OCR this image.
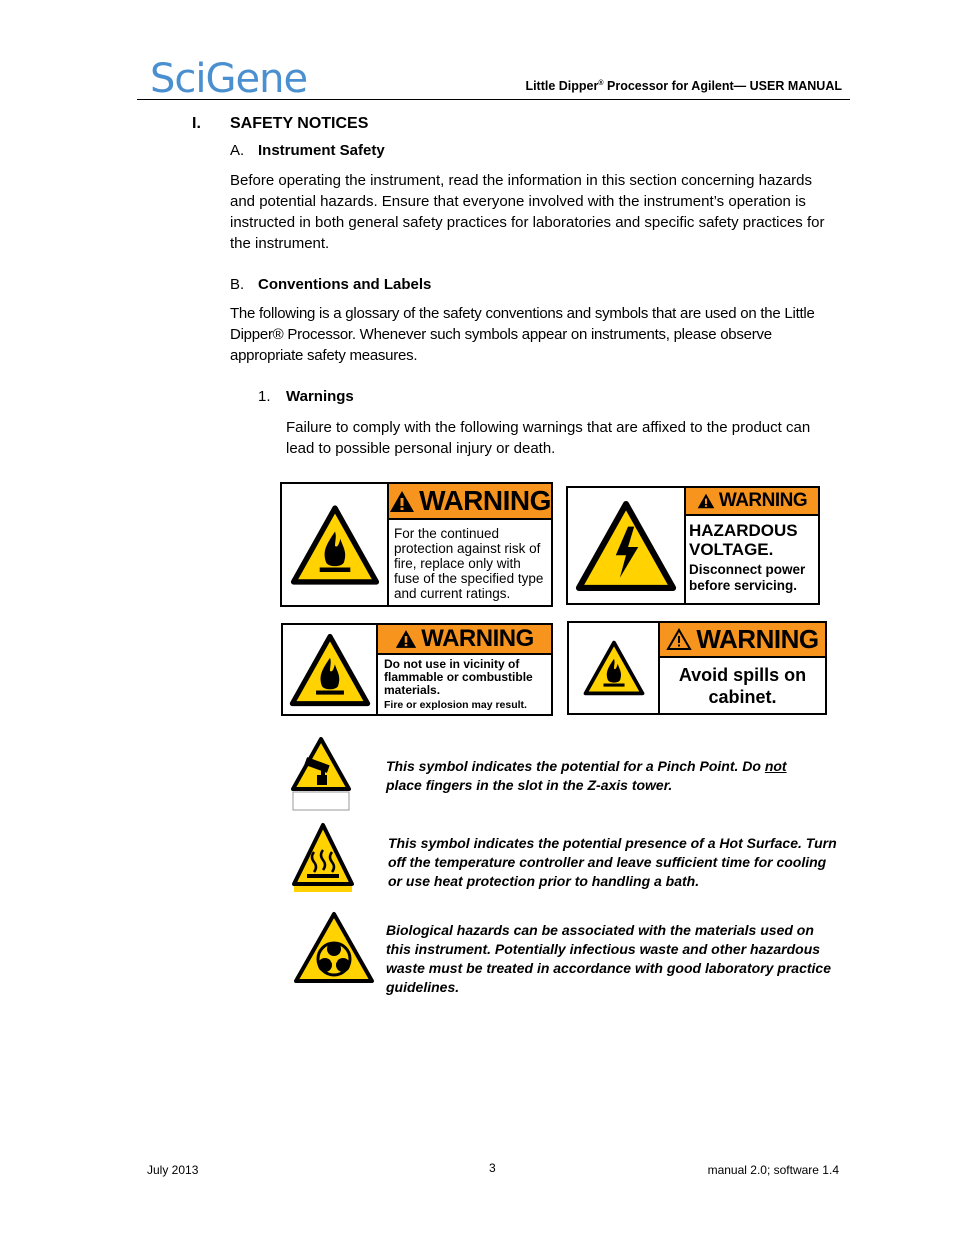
SciGene	Little Dipper® Processor for Agilent— USER MANUAL
I. SAFETY NOTICES
A. Instrument Safety
Before operating the instrument, read the information in this section concerning hazards and potential hazards. Ensure that everyone involved with the instrument’s operation is instructed in both general safety practices for laboratories and specific safety practices for the instrument.
B. Conventions and Labels
The following is a glossary of the safety conventions and symbols that are used on the Little Dipper® Processor. Whenever such symbols appear on instruments, please observe appropriate safety measures.
1. Warnings
Failure to comply with the following warnings that are affixed to the product can lead to possible personal injury or death.
WARNING
For the continued protection against risk of fire, replace only with fuse of the specified type and current ratings.
WARNING
HAZARDOUS
VOLTAGE.
Disconnect power before servicing.
WARNING
Do not use in vicinity of flammable or combustible materials.
Fire or explosion may result.
WARNING
Avoid spills on cabinet.
This symbol indicates the potential for a Pinch Point. Do not place fingers in the slot in the Z-axis tower.
This symbol indicates the potential presence of a Hot Surface. Turn off the temperature controller and leave sufficient time for cooling or use heat protection prior to handling a bath.
Biological hazards can be associated with the materials used on this instrument. Potentially infectious waste and other hazardous waste must be treated in accordance with good laboratory practice guidelines.
July 2013	3	manual 2.0; software 1.4
